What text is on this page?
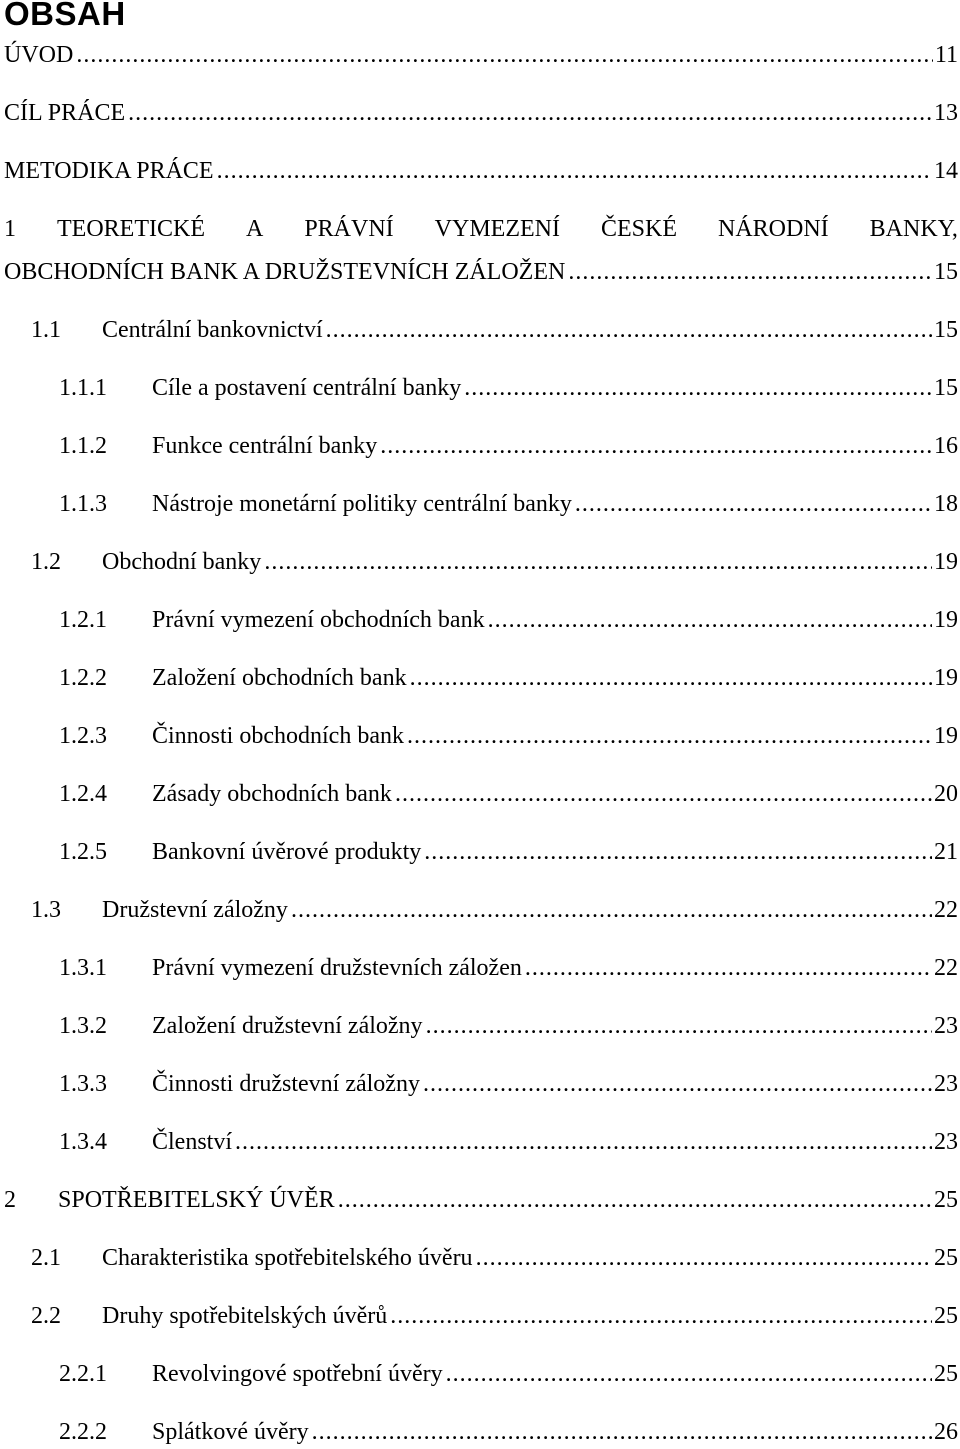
OBSAH
ÚVOD .....	11
CÍL PRÁCE .....	13
METODIKA PRÁCE .....	14
1 TEORETICKÉ A PRÁVNÍ VYMEZENÍ ČESKÉ NÁRODNÍ BANKY,
OBCHODNÍCH BANK A DRUŽSTEVNÍCH ZÁLOŽEN .....	15
1.1	Centrální bankovnictví .....	15
1.1.1	Cíle a postavení centrální banky .....	15
1.1.2	Funkce centrální banky .....	16
1.1.3	Nástroje monetární politiky centrální banky .....	18
1.2	Obchodní banky .....	19
1.2.1	Právní vymezení obchodních bank .....	19
1.2.2	Založení obchodních bank .....	19
1.2.3	Činnosti obchodních bank .....	19
1.2.4	Zásady obchodních bank .....	20
1.2.5	Bankovní úvěrové produkty .....	21
1.3	Družstevní záložny .....	22
1.3.1	Právní vymezení družstevních záložen .....	22
1.3.2	Založení družstevní záložny .....	23
1.3.3	Činnosti družstevní záložny .....	23
1.3.4	Členství .....	23
2	SPOTŘEBITELSKÝ ÚVĚR .....	25
2.1	Charakteristika spotřebitelského úvěru .....	25
2.2	Druhy spotřebitelských úvěrů .....	25
2.2.1	Revolvingové spotřební úvěry .....	25
2.2.2	Splátkové úvěry .....	26
